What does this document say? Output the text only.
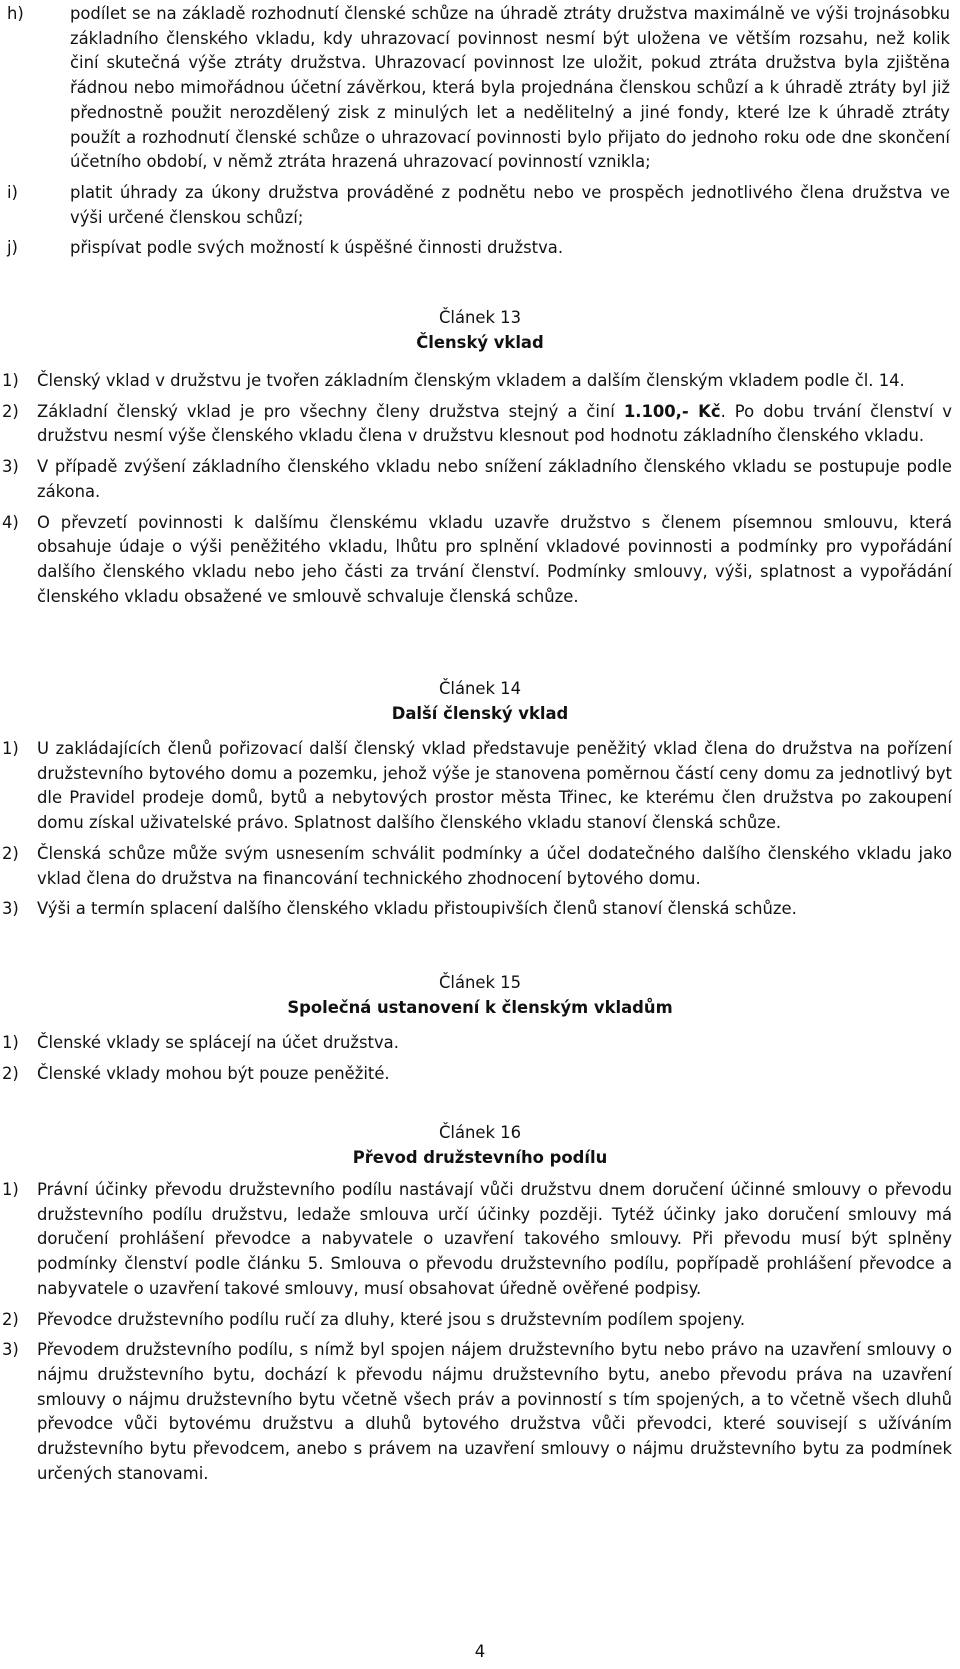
h)	podílet se na základě rozhodnutí členské schůze na úhradě ztráty družstva maximálně ve výši trojnásobku základního členského vkladu, kdy uhrazovací povinnost nesmí být uložena ve větším rozsahu, než kolik činí skutečná výše ztráty družstva. Uhrazovací povinnost lze uložit, pokud ztráta družstva byla zjištěna řádnou nebo mimořádnou účetní závěrkou, která byla projednána členskou schůzí a k úhradě ztráty byl již přednostně použit nerozdělený zisk z minulých let a nedělitelný a jiné fondy, které lze k úhradě ztráty použít a rozhodnutí členské schůze o uhrazovací povinnosti bylo přijato do jednoho roku ode dne skončení účetního období, v němž ztráta hrazená uhrazovací povinností vznikla;
i)	platit úhrady za úkony družstva prováděné z podnětu nebo ve prospěch jednotlivého člena družstva ve výši určené členskou schůzí;
j)	přispívat podle svých možností k úspěšné činnosti družstva.
Článek 13
Členský vklad
1) Členský vklad v družstvu je tvořen základním členským vkladem a dalším členským vkladem podle čl. 14.
2) Základní členský vklad je pro všechny členy družstva stejný a činí 1.100,- Kč. Po dobu trvání členství v družstvu nesmí výše členského vkladu člena v družstvu klesnout pod hodnotu základního členského vkladu.
3) V případě zvýšení základního členského vkladu nebo snížení základního členského vkladu se postupuje podle zákona.
4) O převzetí povinnosti k dalšímu členskému vkladu uzavře družstvo s členem písemnou smlouvu, která obsahuje údaje o výši peněžitého vkladu, lhůtu pro splnění vkladové povinnosti a podmínky pro vypořádání dalšího členského vkladu nebo jeho části za trvání členství. Podmínky smlouvy, výši, splatnost a vypořádání členského vkladu obsažené ve smlouvě schvaluje členská schůze.
Článek 14
Další členský vklad
1) U zakládajících členů pořizovací další členský vklad představuje peněžitý vklad člena do družstva na pořízení družstevního bytového domu a pozemku, jehož výše je stanovena poměrnou částí ceny domu za jednotlivý byt dle Pravidel prodeje domů, bytů a nebytových prostor města Třinec, ke kterému člen družstva po zakoupení domu získal uživatelské právo. Splatnost dalšího členského vkladu stanoví členská schůze.
2) Členská schůze může svým usnesením schválit podmínky a účel dodatečného dalšího členského vkladu jako vklad člena do družstva na financování technického zhodnocení bytového domu.
3) Výši a termín splacení dalšího členského vkladu přistoupivších členů stanoví členská schůze.
Článek 15
Společná ustanovení k členským vkladům
1) Členské vklady se splácejí na účet družstva.
2) Členské vklady mohou být pouze peněžité.
Článek 16
Převod družstevního podílu
1) Právní účinky převodu družstevního podílu nastávají vůči družstvu dnem doručení účinné smlouvy o převodu družstevního podílu družstvu, ledaže smlouva určí účinky později. Tytéž účinky jako doručení smlouvy má doručení prohlášení převodce a nabyvatele o uzavření takového smlouvy. Při převodu musí být splněny podmínky členství podle článku 5. Smlouva o převodu družstevního podílu, popřípadě prohlášení převodce a nabyvatele o uzavření takové smlouvy, musí obsahovat úředně ověřené podpisy.
2) Převodce družstevního podílu ručí za dluhy, které jsou s družstevním podílem spojeny.
3) Převodem družstevního podílu, s nímž byl spojen nájem družstevního bytu nebo právo na uzavření smlouvy o nájmu družstevního bytu, dochází k převodu nájmu družstevního bytu, anebo převodu práva na uzavření smlouvy o nájmu družstevního bytu včetně všech práv a povinností s tím spojených, a to včetně všech dluhů převodce vůči bytovému družstvu a dluhů bytového družstva vůči převodci, které souvisejí s užíváním družstevního bytu převodcem, anebo s právem na uzavření smlouvy o nájmu družstevního bytu za podmínek určených stanovami.
4
